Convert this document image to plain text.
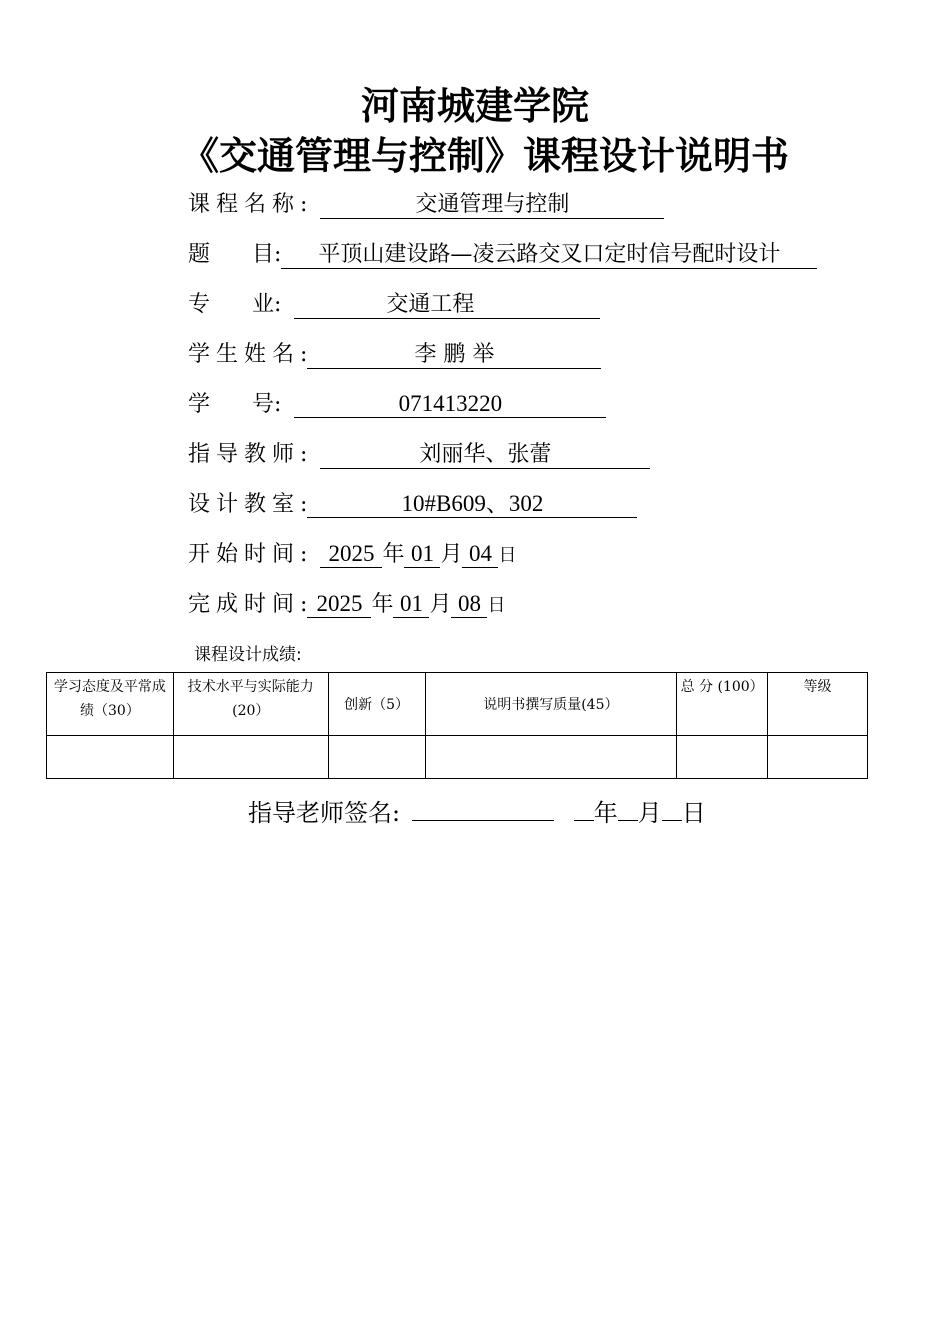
河南城建学院
《交通管理与控制》课程设计说明书
课程名称:	交通管理与控制
题      目: 平顶山建设路—凌云路交叉口定时信号配时设计
专      业:	交通工程
学生姓名:	李 鹏 举
学      号:	071413220
指导教师:	刘丽华、张蕾
设计教室:	10#B609、302
开始时间: 2025 年 01 月 04 日
完成时间: 2025 年 01 月 08 日
课程设计成绩:
学习态度及平常成绩（30）	技术水平与实际能力(20）	创新（5）	说明书撰写质量(45）	总 分 (100）	等级

指导老师签名:	年 月 日
